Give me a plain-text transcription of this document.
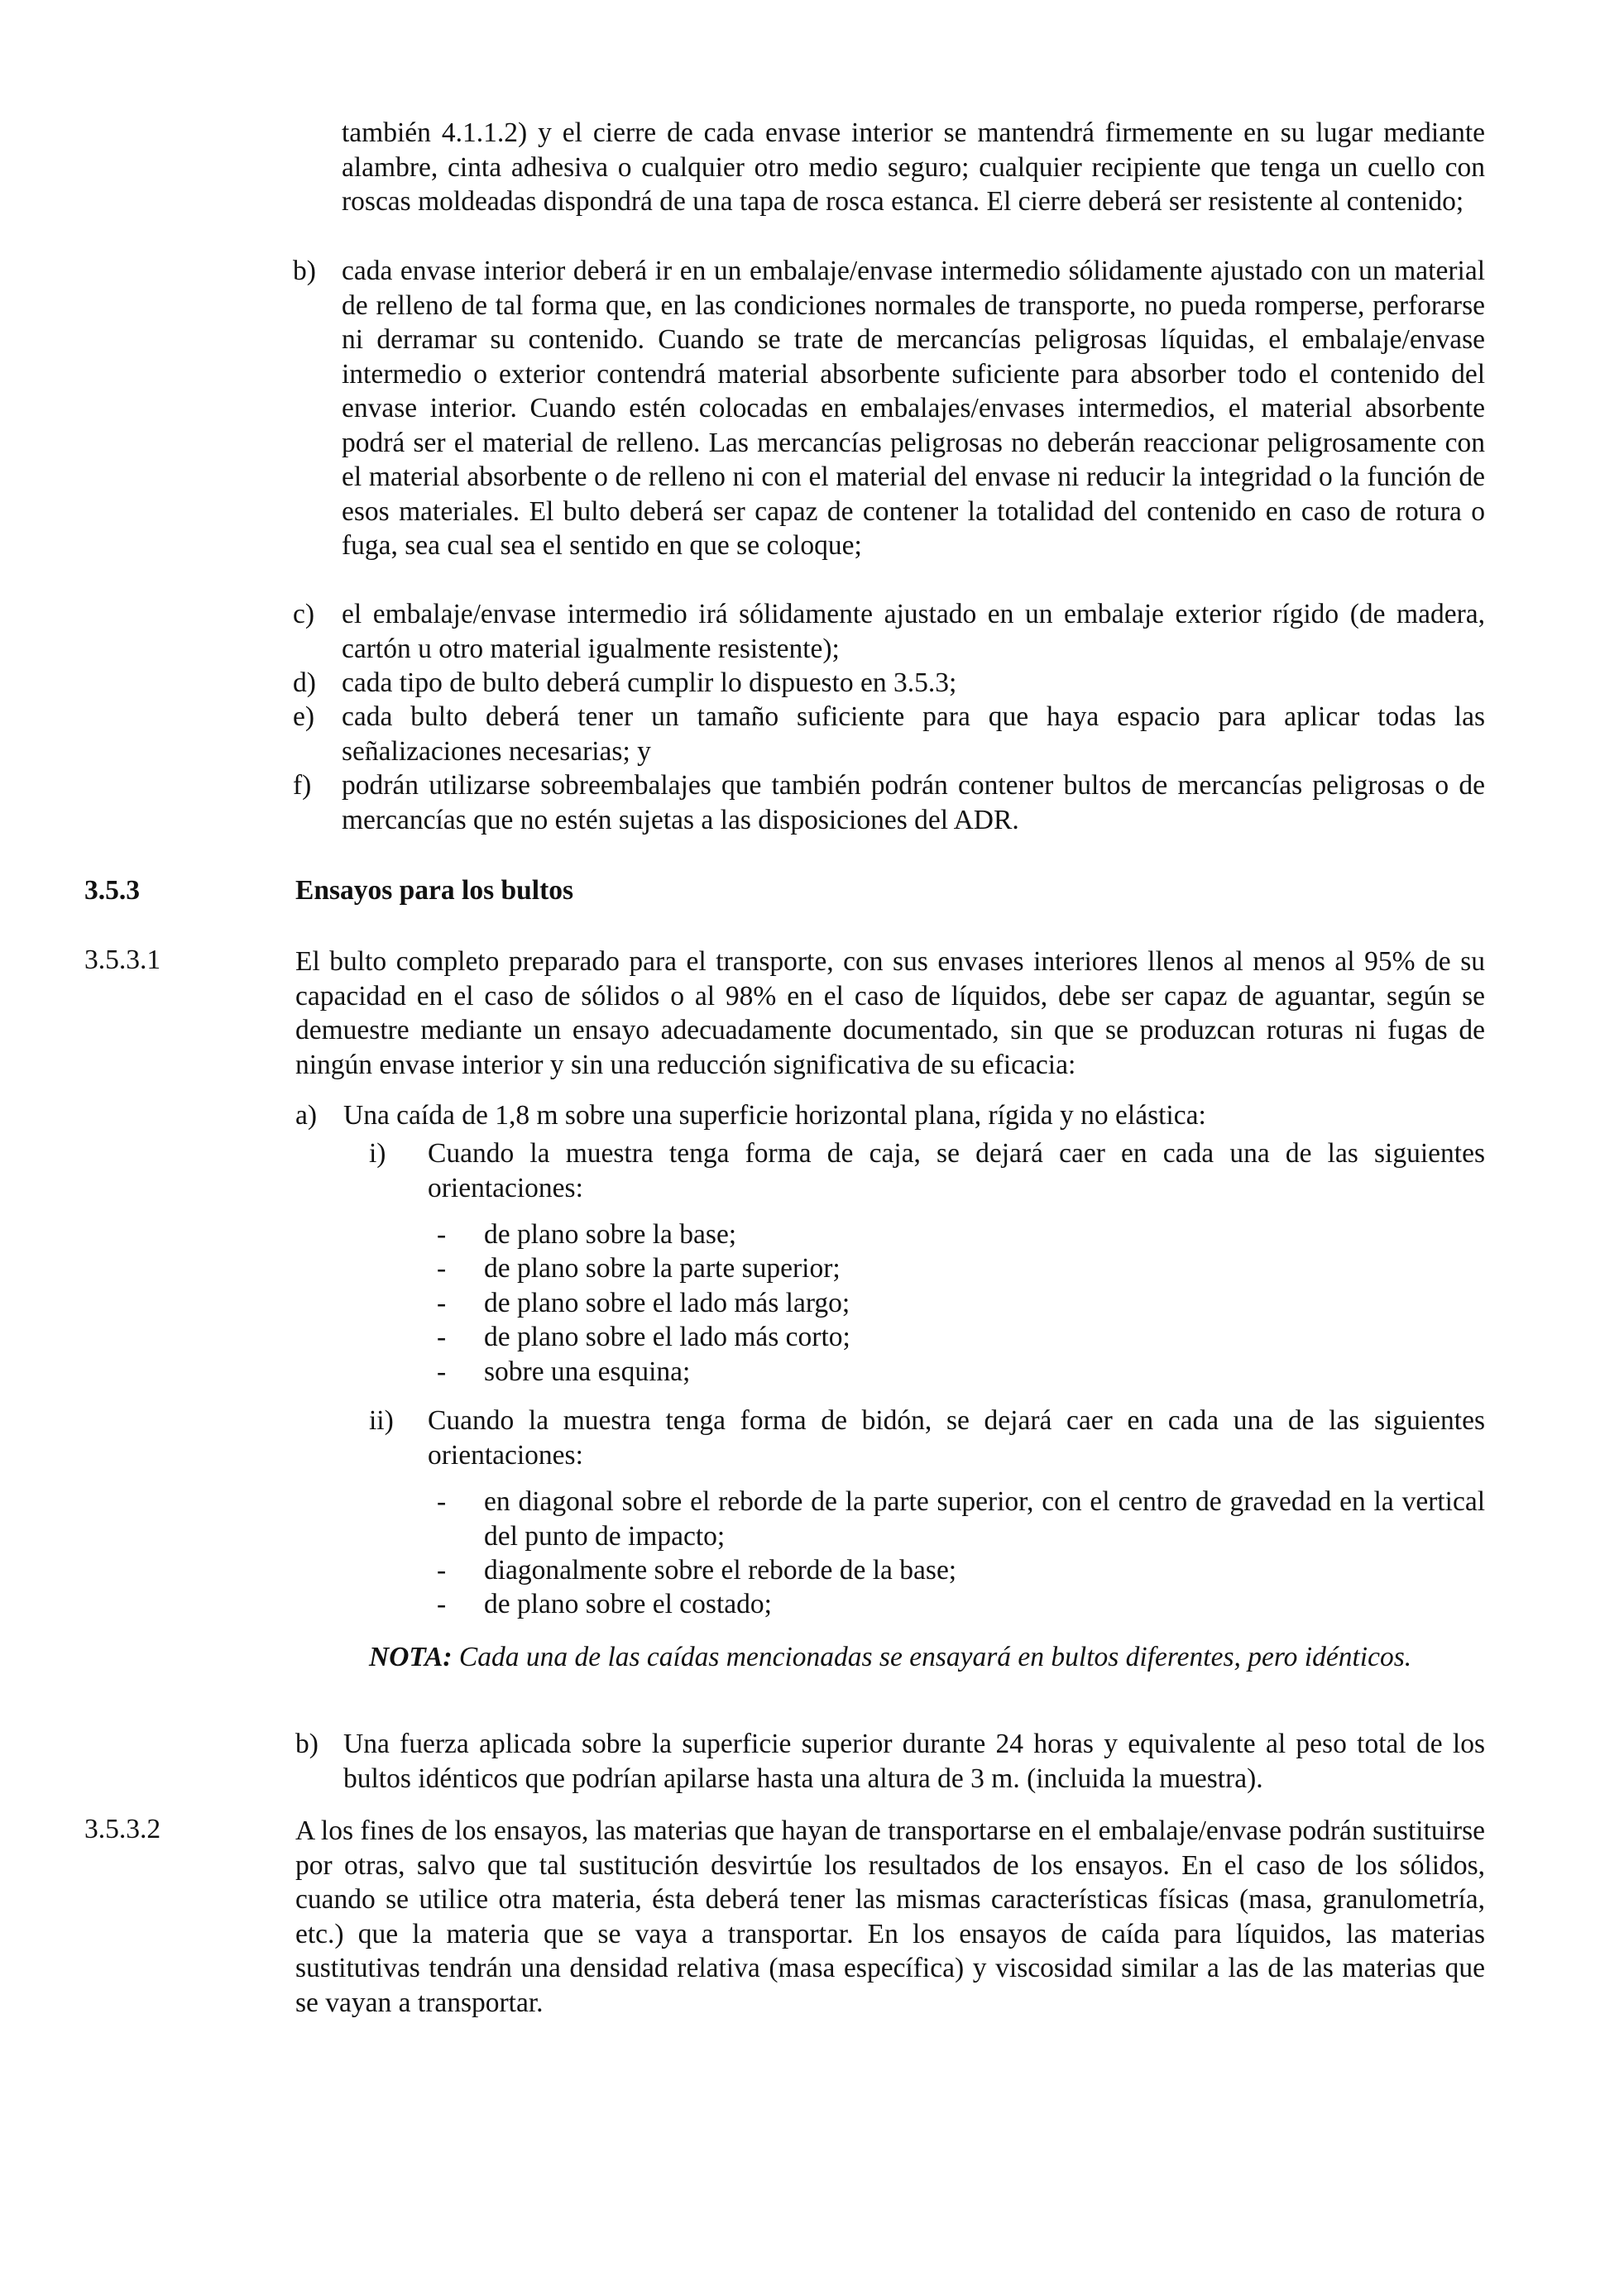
también 4.1.1.2) y el cierre de cada envase interior se mantendrá firmemente en su lugar mediante alambre, cinta adhesiva o cualquier otro medio seguro; cualquier recipiente que tenga un cuello con roscas moldeadas dispondrá de una tapa de rosca estanca. El cierre deberá ser resistente al contenido;

b) cada envase interior deberá ir en un embalaje/envase intermedio sólidamente ajustado con un material de relleno de tal forma que, en las condiciones normales de transporte, no pueda romperse, perforarse ni derramar su contenido. Cuando se trate de mercancías peligrosas líquidas, el embalaje/envase intermedio o exterior contendrá material absorbente suficiente para absorber todo el contenido del envase interior. Cuando estén colocadas en embalajes/envases intermedios, el material absorbente podrá ser el material de relleno. Las mercancías peligrosas no deberán reaccionar peligrosamente con el material absorbente o de relleno ni con el material del envase ni reducir la integridad o la función de esos materiales. El bulto deberá ser capaz de contener la totalidad del contenido en caso de rotura o fuga, sea cual sea el sentido en que se coloque;

c) el embalaje/envase intermedio irá sólidamente ajustado en un embalaje exterior rígido (de madera, cartón u otro material igualmente resistente);

d) cada tipo de bulto deberá cumplir lo dispuesto en 3.5.3;

e) cada bulto deberá tener un tamaño suficiente para que haya espacio para aplicar todas las señalizaciones necesarias; y

f)	podrán utilizarse sobreembalajes que también podrán contener bultos de mercancías peligrosas o de mercancías que no estén sujetas a las disposiciones del ADR.

3.5.3	Ensayos para los bultos
3.5.3.1	El bulto completo preparado para el transporte, con sus envases interiores llenos al menos al 95% de su capacidad en el caso de sólidos o al 98% en el caso de líquidos, debe ser capaz de aguantar, según se demuestre mediante un ensayo adecuadamente documentado, sin que se produzcan roturas ni fugas de ningún envase interior y sin una reducción significativa de su eficacia:

a) Una caída de 1,8 m sobre una superficie horizontal plana, rígida y no elástica:

i)	Cuando la muestra tenga forma de caja, se dejará caer en cada una de las siguientes orientaciones:

-	de plano sobre la base;

-	de plano sobre la parte superior;

-	de plano sobre el lado más largo;

-	de plano sobre el lado más corto;

-	sobre una esquina;

ii)	Cuando la muestra tenga forma de bidón, se dejará caer en cada una de las siguientes orientaciones:

-	en diagonal sobre el reborde de la parte superior, con el centro de gravedad en la vertical del punto de impacto;

-	diagonalmente sobre el reborde de la base;

-	de plano sobre el costado;

NOTA: Cada una de las caídas mencionadas se ensayará en bultos diferentes, pero idénticos.

b) Una fuerza aplicada sobre la superficie superior durante 24 horas y equivalente al peso total de los bultos idénticos que podrían apilarse hasta una altura de 3 m. (incluida la muestra).

3.5.3.2	A los fines de los ensayos, las materias que hayan de transportarse en el embalaje/envase podrán sustituirse por otras, salvo que tal sustitución desvirtúe los resultados de los ensayos. En el caso de los sólidos, cuando se utilice otra materia, ésta deberá tener las mismas características físicas (masa, granulometría, etc.) que la materia que se vaya a transportar. En los ensayos de caída para líquidos, las materias sustitutivas tendrán una densidad relativa (masa específica) y viscosidad similar a las de las materias que se vayan a transportar.
